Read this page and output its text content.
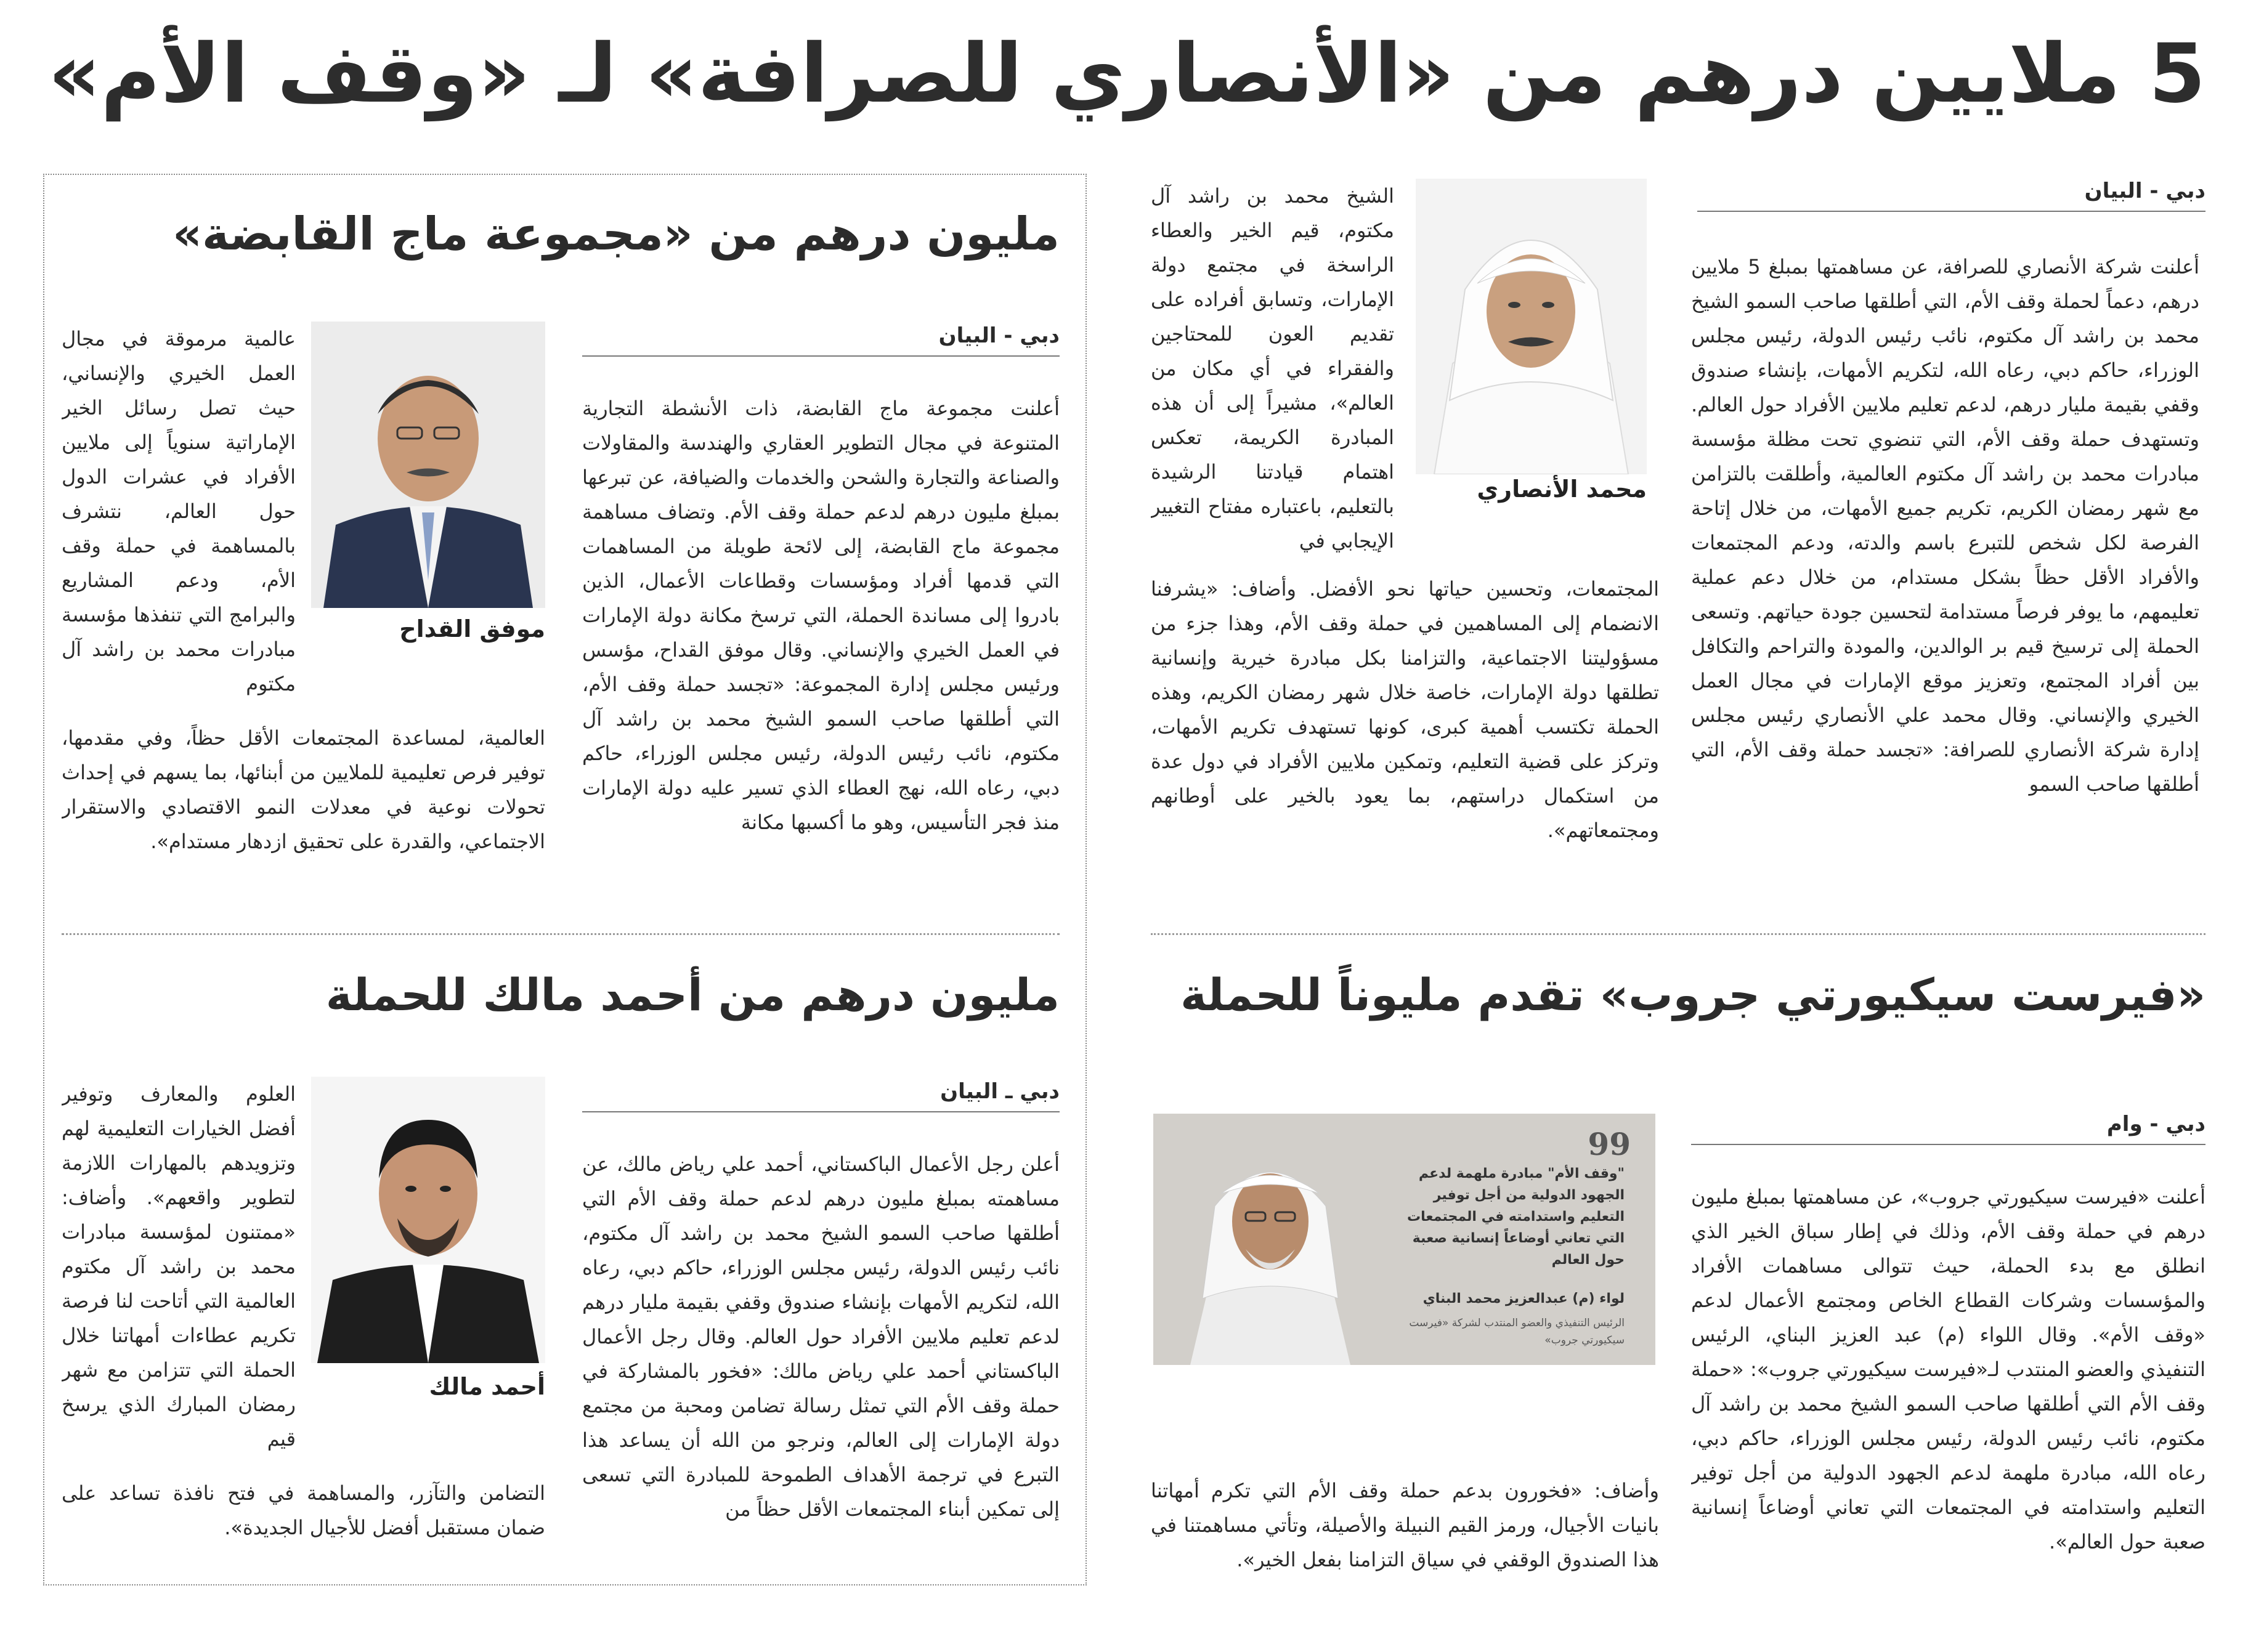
5 ملايين درهم من «الأنصاري للصرافة» لـ «وقف الأم»
دبي - البيان
أعلنت شركة الأنصاري للصرافة، عن مساهمتها بمبلغ 5 ملايين درهم، دعماً لحملة وقف الأم، التي أطلقها صاحب السمو الشيخ محمد بن راشد آل مكتوم، نائب رئيس الدولة، رئيس مجلس الوزراء، حاكم دبي، رعاه الله، لتكريم الأمهات، بإنشاء صندوق وقفي بقيمة مليار درهم، لدعم تعليم ملايين الأفراد حول العالم. وتستهدف حملة وقف الأم، التي تنضوي تحت مظلة مؤسسة مبادرات محمد بن راشد آل مكتوم العالمية، وأطلقت بالتزامن مع شهر رمضان الكريم، تكريم جميع الأمهات، من خلال إتاحة الفرصة لكل شخص للتبرع باسم والدته، ودعم المجتمعات والأفراد الأقل حظاً بشكل مستدام، من خلال دعم عملية تعليمهم، ما يوفر فرصاً مستدامة لتحسين جودة حياتهم. وتسعى الحملة إلى ترسيخ قيم بر الوالدين، والمودة والتراحم والتكافل بين أفراد المجتمع، وتعزيز موقع الإمارات في مجال العمل الخيري والإنساني. وقال محمد علي الأنصاري رئيس مجلس إدارة شركة الأنصاري للصرافة: «تجسد حملة وقف الأم، التي أطلقها صاحب السمو
محمد الأنصاري
الشيخ محمد بن راشد آل مكتوم، قيم الخير والعطاء الراسخة في مجتمع دولة الإمارات، وتسابق أفراده على تقديم العون للمحتاجين والفقراء في أي مكان من العالم»، مشيراً إلى أن هذه المبادرة الكريمة، تعكس اهتمام قيادتنا الرشيدة بالتعليم، باعتباره مفتاح التغيير الإيجابي في
المجتمعات، وتحسين حياتها نحو الأفضل. وأضاف: «يشرفنا الانضمام إلى المساهمين في حملة وقف الأم، وهذا جزء من مسؤوليتنا الاجتماعية، والتزامنا بكل مبادرة خيرية وإنسانية تطلقها دولة الإمارات، خاصة خلال شهر رمضان الكريم، وهذه الحملة تكتسب أهمية كبرى، كونها تستهدف تكريم الأمهات، وتركز على قضية التعليم، وتمكين ملايين الأفراد في دول عدة من استكمال دراستهم، بما يعود بالخير على أوطانهم ومجتمعاتهم».
مليون درهم من «مجموعة ماج القابضة»
دبي - البيان
أعلنت مجموعة ماج القابضة، ذات الأنشطة التجارية المتنوعة في مجال التطوير العقاري والهندسة والمقاولات والصناعة والتجارة والشحن والخدمات والضيافة، عن تبرعها بمبلغ مليون درهم لدعم حملة وقف الأم. وتضاف مساهمة مجموعة ماج القابضة، إلى لائحة طويلة من المساهمات التي قدمها أفراد ومؤسسات وقطاعات الأعمال، الذين بادروا إلى مساندة الحملة، التي ترسخ مكانة دولة الإمارات في العمل الخيري والإنساني. وقال موفق القداح، مؤسس ورئيس مجلس إدارة المجموعة: «تجسد حملة وقف الأم، التي أطلقها صاحب السمو الشيخ محمد بن راشد آل مكتوم، نائب رئيس الدولة، رئيس مجلس الوزراء، حاكم دبي، رعاه الله، نهج العطاء الذي تسير عليه دولة الإمارات منذ فجر التأسيس، وهو ما أكسبها مكانة
موفق القداح
عالمية مرموقة في مجال العمل الخيري والإنساني، حيث تصل رسائل الخير الإماراتية سنوياً إلى ملايين الأفراد في عشرات الدول حول العالم، نتشرف بالمساهمة في حملة وقف الأم، ودعم المشاريع والبرامج التي تنفذها مؤسسة مبادرات محمد بن راشد آل مكتوم
العالمية، لمساعدة المجتمعات الأقل حظاً، وفي مقدمها، توفير فرص تعليمية للملايين من أبنائها، بما يسهم في إحداث تحولات نوعية في معدلات النمو الاقتصادي والاستقرار الاجتماعي، والقدرة على تحقيق ازدهار مستدام».
«فيرست سيكيورتي جروب» تقدم مليوناً للحملة
دبي - وام
أعلنت «فيرست سيكيورتي جروب»، عن مساهمتها بمبلغ مليون درهم في حملة وقف الأم، وذلك في إطار سباق الخير الذي انطلق مع بدء الحملة، حيث تتوالى مساهمات الأفراد والمؤسسات وشركات القطاع الخاص ومجتمع الأعمال لدعم «وقف الأم». وقال اللواء (م) عبد العزيز البناي، الرئيس التنفيذي والعضو المنتدب لـ«فيرست سيكيورتي جروب»: «حملة وقف الأم التي أطلقها صاحب السمو الشيخ محمد بن راشد آل مكتوم، نائب رئيس الدولة، رئيس مجلس الوزراء، حاكم دبي، رعاه الله، مبادرة ملهمة لدعم الجهود الدولية من أجل توفير التعليم واستدامته في المجتمعات التي تعاني أوضاعاً إنسانية صعبة حول العالم».
99
"وقف الأم" مبادرة ملهمة لدعم الجهود الدولية من أجل توفير التعليم واستدامته في المجتمعات التي تعاني أوضاعاً إنسانية صعبة حول العالم
لواء (م) عبدالعزيز محمد البناي
الرئيس التنفيذي والعضو المنتدب لشركة «فيرست سيكيورتي جروب»
وأضاف: «فخورون بدعم حملة وقف الأم التي تكرم أمهاتنا بانيات الأجيال، ورمز القيم النبيلة والأصيلة، وتأتي مساهمتنا في هذا الصندوق الوقفي في سياق التزامنا بفعل الخير».
مليون درهم من أحمد مالك للحملة
دبي ـ البيان
أعلن رجل الأعمال الباكستاني، أحمد علي رياض مالك، عن مساهمته بمبلغ مليون درهم لدعم حملة وقف الأم التي أطلقها صاحب السمو الشيخ محمد بن راشد آل مكتوم، نائب رئيس الدولة، رئيس مجلس الوزراء، حاكم دبي، رعاه الله، لتكريم الأمهات بإنشاء صندوق وقفي بقيمة مليار درهم لدعم تعليم ملايين الأفراد حول العالم. وقال رجل الأعمال الباكستاني أحمد علي رياض مالك: «فخور بالمشاركة في حملة وقف الأم التي تمثل رسالة تضامن ومحبة من مجتمع دولة الإمارات إلى العالم، ونرجو من الله أن يساعد هذا التبرع في ترجمة الأهداف الطموحة للمبادرة التي تسعى إلى تمكين أبناء المجتمعات الأقل حظاً من
أحمد مالك
العلوم والمعارف وتوفير أفضل الخيارات التعليمية لهم وتزويدهم بالمهارات اللازمة لتطوير واقعهم». وأضاف: «ممتنون لمؤسسة مبادرات محمد بن راشد آل مكتوم العالمية التي أتاحت لنا فرصة تكريم عطاءات أمهاتنا خلال الحملة التي تتزامن مع شهر رمضان المبارك الذي يرسخ قيم
التضامن والتآزر، والمساهمة في فتح نافذة تساعد على ضمان مستقبل أفضل للأجيال الجديدة».
